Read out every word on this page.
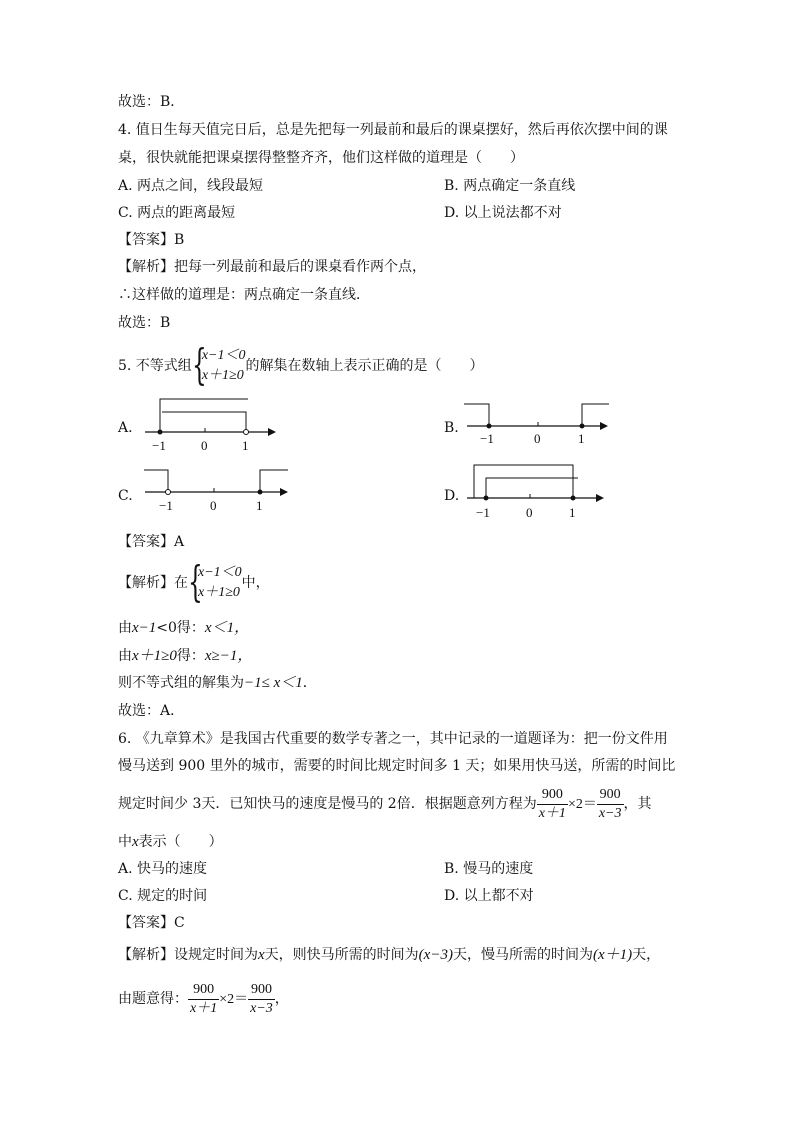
故选：B．
4. 值日生每天值完日后，总是先把每一列最前和最后的课桌摆好，然后再依次摆中间的课
桌，很快就能把课桌摆得整整齐齐，他们这样做的道理是（　　）
A. 两点之间，线段最短	B. 两点确定一条直线
C. 两点的距离最短	D. 以上说法都不对
【答案】B
【解析】把每一列最前和最后的课桌看作两个点，
∴这样做的道理是：两点确定一条直线．
故选：B
5. 不等式组 {
x−1＜0
x＋1≥0
的解集在数轴上表示正确的是（　　）
A.
−1	0	1
B.
−1	0	1
C.
−1	0	1
D.
−1	0	1
【答案】A
【解析】在 {
x−1＜0
x＋1≥0
中，
由x−1<0得：x＜1，
由x＋1≥0得：x≥−1，
则不等式组的解集为−1≤ x＜1．
故选：A．
6. 《九章算术》是我国古代重要的数学专著之一，其中记录的一道题译为：把一份文件用
慢马送到 900 里外的城市，需要的时间比规定时间多 1 天；如果用快马送，所需的时间比
规定时间少 3天．已知快马的速度是慢马的 2倍．根据题意列方程为 $\frac{900}{x+1} \times 2= \frac{900}{x-3}$ ，其
中x表示（　　）
A. 快马的速度	B. 慢马的速度
C. 规定的时间	D. 以上都不对
【答案】C
【解析】设规定时间为x天，则快马所需的时间为(x−3)天，慢马所需的时间为(x＋1)天，
由题意得： $\frac{900}{x+1} \times 2= \frac{900}{x-3}$ ，
